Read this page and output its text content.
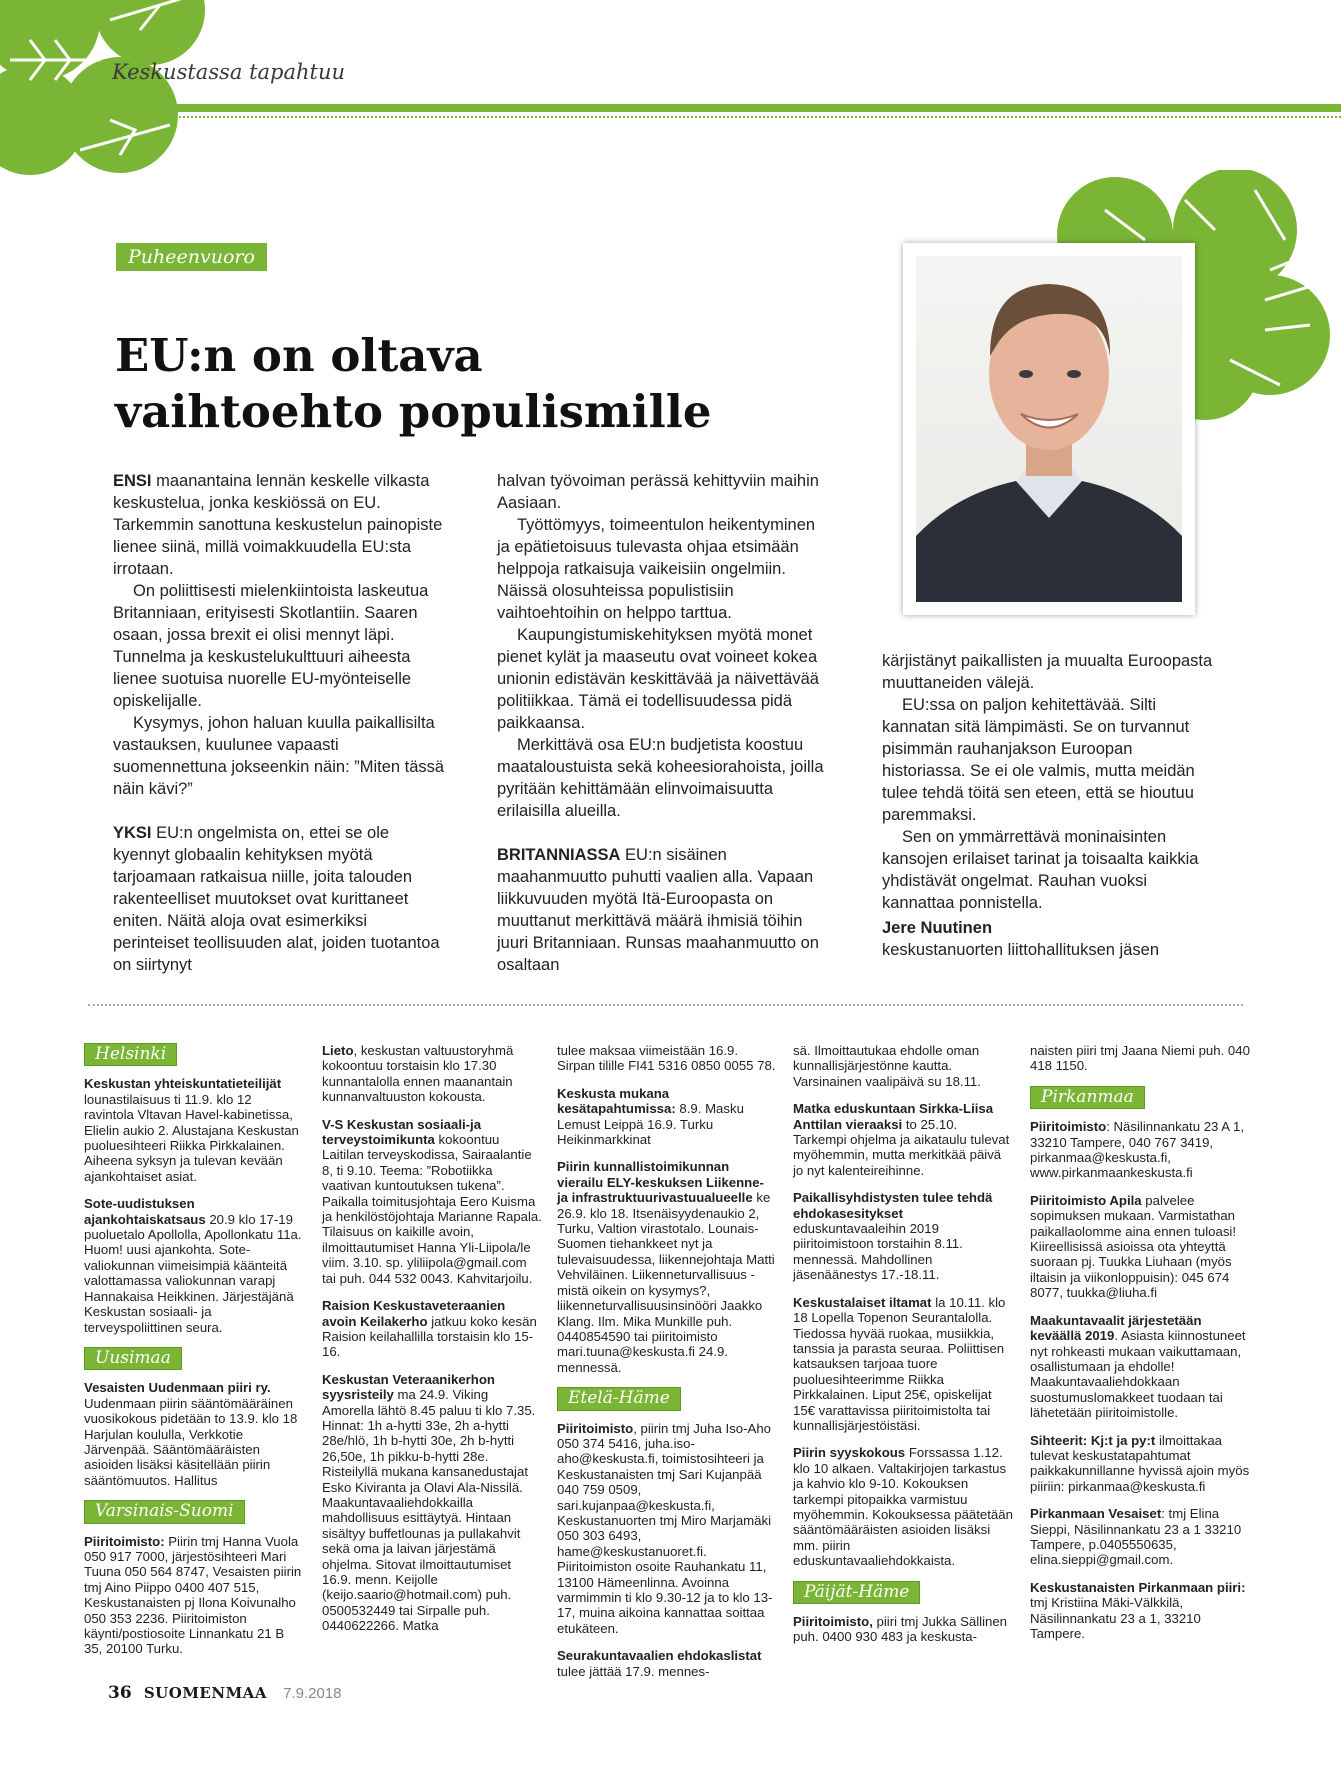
Keskustassa tapahtuu
Puheenvuoro
EU:n on oltava vaihtoehto populismille

ENSI maanantaina lennän keskelle vilkasta keskustelua, jonka keskiössä on EU. Tarkemmin sanottuna keskustelun painopiste lienee siinä, millä voimakkuudella EU:sta irrotaan.

On poliittisesti mielenkiintoista laskeutua Britanniaan, erityisesti Skotlantiin. Saaren osaan, jossa brexit ei olisi mennyt läpi. Tunnelma ja keskustelukulttuuri aiheesta lienee suotuisa nuorelle EU-myönteiselle opiskelijalle.

Kysymys, johon haluan kuulla paikallisilta vastauksen, kuulunee vapaasti suomennettuna jokseenkin näin: ”Miten tässä näin kävi?”

YKSI EU:n ongelmista on, ettei se ole kyennyt globaalin kehityksen myötä tarjoamaan ratkaisua niille, joita talouden rakenteelliset muutokset ovat kurittaneet eniten. Näitä aloja ovat esimerkiksi perinteiset teollisuuden alat, joiden tuotantoa on siirtynyt

halvan työvoiman perässä kehittyviin maihin Aasiaan.

Työttömyys, toimeentulon heikentyminen ja epätietoisuus tulevasta ohjaa etsimään helppoja ratkaisuja vaikeisiin ongelmiin. Näissä olosuhteissa populistisiin vaihtoehtoihin on helppo tarttua.

Kaupungistumiskehityksen myötä monet pienet kylät ja maaseutu ovat voineet kokea unionin edistävän keskittävää ja näivettävää politiikkaa. Tämä ei todellisuudessa pidä paikkaansa.

Merkittävä osa EU:n budjetista koostuu maataloustuista sekä koheesiorahoista, joilla pyritään kehittämään elinvoimaisuutta erilaisilla alueilla.

BRITANNIASSA EU:n sisäinen maahanmuutto puhutti vaalien alla. Vapaan liikkuvuuden myötä Itä-Euroopasta on muuttanut merkittävä määrä ihmisiä töihin juuri Britanniaan. Runsas maahanmuutto on osaltaan

kärjistänyt paikallisten ja muualta Euroopasta muuttaneiden välejä.

EU:ssa on paljon kehitettävää. Silti kannatan sitä lämpimästi. Se on turvannut pisimmän rauhanjakson Euroopan historiassa. Se ei ole valmis, mutta meidän tulee tehdä töitä sen eteen, että se hioutuu paremmaksi.

Sen on ymmärrettävä moninaisinten kansojen erilaiset tarinat ja toisaalta kaikkia yhdistävät ongelmat. Rauhan vuoksi kannattaa ponnistella.

Jere Nuutinen
keskustanuorten liittohallituksen jäsen
Helsinki

Keskustan yhteiskuntatieteilijät lounastilaisuus ti 11.9. klo 12 ravintola Vltavan Havel-kabinetissa, Elielin aukio 2. Alustajana Keskustan puoluesihteeri Riikka Pirkkalainen. Aiheena syksyn ja tulevan kevään ajankohtaiset asiat.

Sote-uudistuksen ajankohtaiskatsaus 20.9 klo 17-19 puoluetalo Apollolla, Apollonkatu 11a. Huom! uusi ajankohta. Sote-valiokunnan viimeisimpiä käänteitä valottamassa valiokunnan varapj Hannakaisa Heikkinen. Järjestäjänä Keskustan sosiaali- ja terveyspoliittinen seura.

Uusimaa

Vesaisten Uudenmaan piiri ry. Uudenmaan piirin sääntömääräinen vuosikokous pidetään to 13.9. klo 18 Harjulan koululla, Verkkotie Järvenpää. Sääntömääräisten asioiden lisäksi käsitellään piirin sääntömuutos. Hallitus

Varsinais-Suomi

Piiritoimisto: Piirin tmj Hanna Vuola 050 917 7000, järjestösihteeri Mari Tuuna 050 564 8747, Vesaisten piirin tmj Aino Piippo 0400 407 515, Keskustanaisten pj Ilona Koivunalho 050 353 2236. Piiritoimiston käynti/postiosoite Linnankatu 21 B 35, 20100 Turku.

Lieto, keskustan valtuustoryhmä kokoontuu torstaisin klo 17.30 kunnantalolla ennen maanantain kunnanvaltuuston kokousta.

V-S Keskustan sosiaali-ja terveystoimikunta kokoontuu Laitilan terveyskodissa, Sairaalantie 8, ti 9.10. Teema: ”Robotiikka vaativan kuntoutuksen tukena”. Paikalla toimitusjohtaja Eero Kuisma ja henkilöstöjohtaja Marianne Rapala. Tilaisuus on kaikille avoin, ilmoittautumiset Hanna Yli-Liipola/le viim. 3.10. sp. yliliipola@gmail.com tai puh. 044 532 0043. Kahvitarjoilu.

Raision Keskustaveteraanien avoin Keilakerho jatkuu koko kesän Raision keilahallilla torstaisin klo 15-16.

Keskustan Veteraanikerhon syysristeily ma 24.9. Viking Amorella lähtö 8.45 paluu ti klo 7.35. Hinnat: 1h a-hytti 33e, 2h a-hytti 28e/hlö, 1h b-hytti 30e, 2h b-hytti 26,50e, 1h pikku-b-hytti 28e. Risteilyllä mukana kansanedustajat Esko Kiviranta ja Olavi Ala-Nissilä. Maakuntavaaliehdokkailla mahdollisuus esittäytyä. Hintaan sisältyy buffetlounas ja pullakahvit sekä oma ja laivan järjestämä ohjelma. Sitovat ilmoittautumiset 16.9. menn. Keijolle (keijo.saario@hotmail.com) puh. 0500532449 tai Sirpalle puh. 0440622266. Matka

tulee maksaa viimeistään 16.9. Sirpan tilille FI41 5316 0850 0055 78.

Keskusta mukana kesätapahtumissa: 8.9. Masku Lemust Leippä 16.9. Turku Heikinmarkkinat

Piirin kunnallistoimikunnan vierailu ELY-keskuksen Liikenne- ja infrastruktuurivastuualueelle ke 26.9. klo 18. Itsenäisyydenaukio 2, Turku, Valtion virastotalo. Lounais-Suomen tiehankkeet nyt ja tulevaisuudessa, liikennejohtaja Matti Vehviläinen. Liikenneturvallisuus - mistä oikein on kysymys?, liikenneturvallisuusinsinööri Jaakko Klang. Ilm. Mika Munkille puh. 0440854590 tai piiritoimisto mari.tuuna@keskusta.fi 24.9. mennessä.

Etelä-Häme

Piiritoimisto, piirin tmj Juha Iso-Aho 050 374 5416, juha.iso-aho@keskusta.fi, toimistosihteeri ja Keskustanaisten tmj Sari Kujanpää 040 759 0509, sari.kujanpaa@keskusta.fi, Keskustanuorten tmj Miro Marjamäki 050 303 6493, hame@keskustanuoret.fi. Piiritoimiston osoite Rauhankatu 11, 13100 Hämeenlinna. Avoinna varmimmin ti klo 9.30-12 ja to klo 13-17, muina aikoina kannattaa soittaa etukäteen.

Seurakuntavaalien ehdokaslistat tulee jättää 17.9. mennes-

sä. Ilmoittautukaa ehdolle oman kunnallisjärjestönne kautta. Varsinainen vaalipäivä su 18.11.

Matka eduskuntaan Sirkka-Liisa Anttilan vieraaksi to 25.10. Tarkempi ohjelma ja aikataulu tulevat myöhemmin, mutta merkitkää päivä jo nyt kalenteireihinne.

Paikallisyhdistysten tulee tehdä ehdokasesitykset eduskuntavaaleihin 2019 piiritoimistoon torstaihin 8.11. mennessä. Mahdollinen jäsenäänestys 17.-18.11.

Keskustalaiset iltamat la 10.11. klo 18 Lopella Topenon Seurantalolla. Tiedossa hyvää ruokaa, musiikkia, tanssia ja parasta seuraa. Poliittisen katsauksen tarjoaa tuore puoluesihteerimme Riikka Pirkkalainen. Liput 25€, opiskelijat 15€ varattavissa piiritoimistolta tai kunnallisjärjestöistäsi.

Piirin syyskokous Forssassa 1.12. klo 10 alkaen. Valtakirjojen tarkastus ja kahvio klo 9-10. Kokouksen tarkempi pitopaikka varmistuu myöhemmin. Kokouksessa päätetään sääntömääräisten asioiden lisäksi mm. piirin eduskuntavaaliehdokkaista.

Päijät-Häme

Piiritoimisto, piiri tmj Jukka Sällinen puh. 0400 930 483 ja keskusta-

naisten piiri tmj Jaana Niemi puh. 040 418 1150.

Pirkanmaa

Piiritoimisto: Näsilinnankatu 23 A 1, 33210 Tampere, 040 767 3419, pirkanmaa@keskusta.fi, www.pirkanmaankeskusta.fi

Piiritoimisto Apila palvelee sopimuksen mukaan. Varmistathan paikallaolomme aina ennen tuloasi! Kiireellisissä asioissa ota yhteyttä suoraan pj. Tuukka Liuhaan (myös iltaisin ja viikonloppuisin): 045 674 8077, tuukka@liuha.fi

Maakuntavaalit järjestetään keväällä 2019. Asiasta kiinnostuneet nyt rohkeasti mukaan vaikuttamaan, osallistumaan ja ehdolle! Maakuntavaaliehdokkaan suostumuslomakkeet tuodaan tai lähetetään piiritoimistolle.

Sihteerit: Kj:t ja py:t ilmoittakaa tulevat keskustatapahtumat paikkakunnillanne hyvissä ajoin myös piiriin: pirkanmaa@keskusta.fi

Pirkanmaan Vesaiset: tmj Elina Sieppi, Näsilinnankatu 23 a 1 33210 Tampere, p.0405550635, elina.sieppi@gmail.com.

Keskustanaisten Pirkanmaan piiri: tmj Kristiina Mäki-Välkkilä, Näsilinnankatu 23 a 1, 33210 Tampere.

36 SUOMENMAA 7.9.2018
